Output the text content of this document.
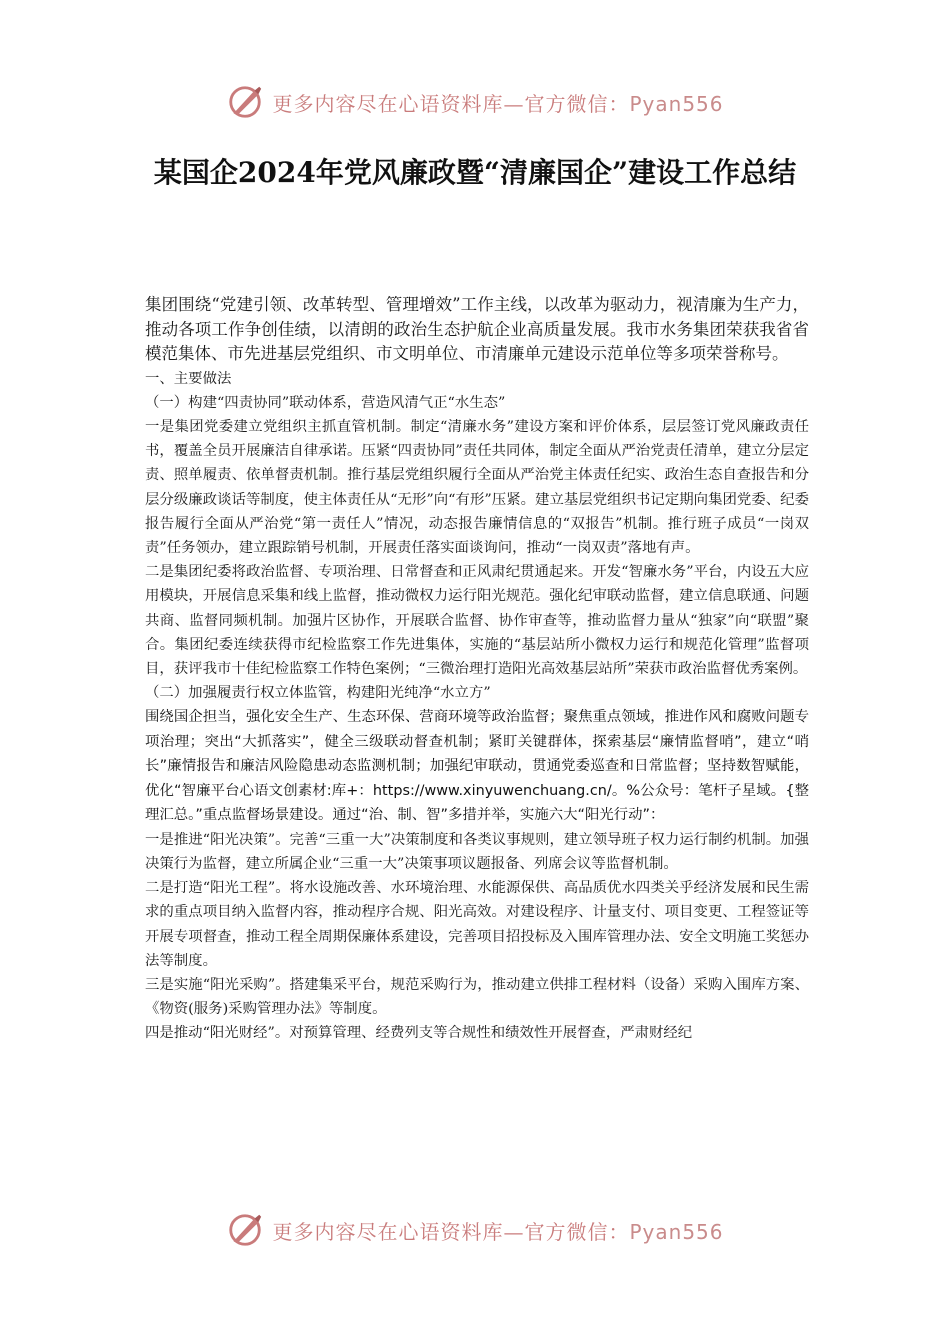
更多内容尽在心语资料库—官方微信：Pyan556
某国企2024年党风廉政暨“清廉国企”建设工作总结

集团围绕“党建引领、改革转型、管理增效”工作主线，以改革为驱动力，视清廉为生产力，推动各项工作争创佳绩，以清朗的政治生态护航企业高质量发展。我市水务集团荣获我省省模范集体、市先进基层党组织、市文明单位、市清廉单元建设示范单位等多项荣誉称号。

一、主要做法

（一）构建“四责协同”联动体系，营造风清气正“水生态”

一是集团党委建立党组织主抓直管机制。制定“清廉水务”建设方案和评价体系，层层签订党风廉政责任书，覆盖全员开展廉洁自律承诺。压紧“四责协同”责任共同体，制定全面从严治党责任清单，建立分层定责、照单履责、依单督责机制。推行基层党组织履行全面从严治党主体责任纪实、政治生态自查报告和分层分级廉政谈话等制度，使主体责任从“无形”向“有形”压紧。建立基层党组织书记定期向集团党委、纪委报告履行全面从严治党“第一责任人”情况，动态报告廉情信息的“双报告”机制。推行班子成员“一岗双责”任务领办，建立跟踪销号机制，开展责任落实面谈询问，推动“一岗双责”落地有声。

二是集团纪委将政治监督、专项治理、日常督查和正风肃纪贯通起来。开发“智廉水务”平台，内设五大应用模块，开展信息采集和线上监督，推动微权力运行阳光规范。强化纪审联动监督，建立信息联通、问题共商、监督同频机制。加强片区协作，开展联合监督、协作审查等，推动监督力量从“独家”向“联盟”聚合。集团纪委连续获得市纪检监察工作先进集体，实施的“基层站所小微权力运行和规范化管理”监督项目，获评我市十佳纪检监察工作特色案例；“三微治理打造阳光高效基层站所”荣获市政治监督优秀案例。

（二）加强履责行权立体监管，构建阳光纯净“水立方”

围绕国企担当，强化安全生产、生态环保、营商环境等政治监督；聚焦重点领域，推进作风和腐败问题专项治理；突出“大抓落实”，健全三级联动督查机制；紧盯关键群体，探索基层“廉情监督哨”，建立“哨长”廉情报告和廉洁风险隐患动态监测机制；加强纪审联动，贯通党委巡查和日常监督；坚持数智赋能，优化“智廉平台心语文创素材:库+：https://www.xinyuwenchuang.cn/。%公众号：笔杆子星域。{整理汇总。”重点监督场景建设。通过“治、制、智”多措并举，实施六大“阳光行动”：

一是推进“阳光决策”。完善“三重一大”决策制度和各类议事规则，建立领导班子权力运行制约机制。加强决策行为监督，建立所属企业“三重一大”决策事项议题报备、列席会议等监督机制。

二是打造“阳光工程”。将水设施改善、水环境治理、水能源保供、高品质优水四类关乎经济发展和民生需求的重点项目纳入监督内容，推动程序合规、阳光高效。对建设程序、计量支付、项目变更、工程签证等开展专项督查，推动工程全周期保廉体系建设，完善项目招投标及入围库管理办法、安全文明施工奖惩办法等制度。

三是实施“阳光采购”。搭建集采平台，规范采购行为，推动建立供排工程材料（设备）采购入围库方案、《物资(服务)采购管理办法》等制度。

四是推动“阳光财经”。对预算管理、经费列支等合规性和绩效性开展督查，严肃财经纪

更多内容尽在心语资料库—官方微信：Pyan556
